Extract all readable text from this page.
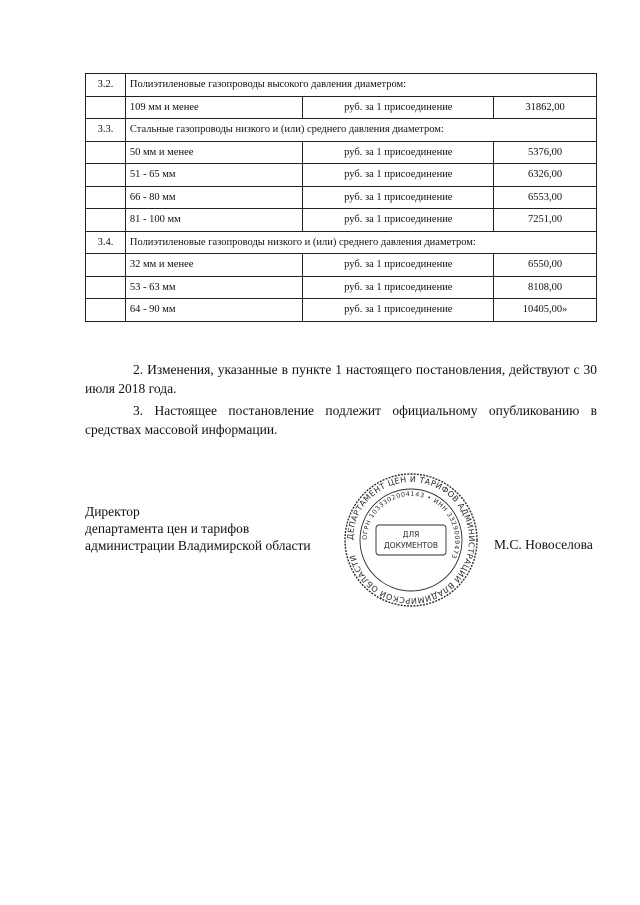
3.2.	Полиэтиленовые газопроводы высокого давления диаметром:		
	109 мм и менее	руб. за 1 присоединение	31862,00
3.3.	Стальные газопроводы низкого и (или) среднего давления диаметром:		
	50 мм и менее	руб. за 1 присоединение	5376,00
	51 - 65 мм	руб. за 1 присоединение	6326,00
	66 - 80 мм	руб. за 1 присоединение	6553,00
	81 - 100 мм	руб. за 1 присоединение	7251,00
3.4.	Полиэтиленовые газопроводы низкого и (или) среднего давления диаметром:		
	32 мм и менее	руб. за 1 присоединение	6550,00
	53 - 63 мм	руб. за 1 присоединение	8108,00
	64 - 90 мм	руб. за 1 присоединение	10405,00»
2. Изменения, указанные в пункте 1 настоящего постановления, действуют с 30 июля 2018 года.
3. Настоящее постановление подлежит официальному опубликованию в средствах массовой информации.
Директор
департамента цен и тарифов
администрации Владимирской области
ДЕПАРТАМЕНТ ЦЕН И ТАРИФОВ АДМИНИСТРАЦИИ ВЛАДИМИРСКОЙ ОБЛАСТИ
ОГРН 1033302004143 • ИНН 3329009473
ДЛЯ
ДОКУМЕНТОВ	М.С. Новоселова
